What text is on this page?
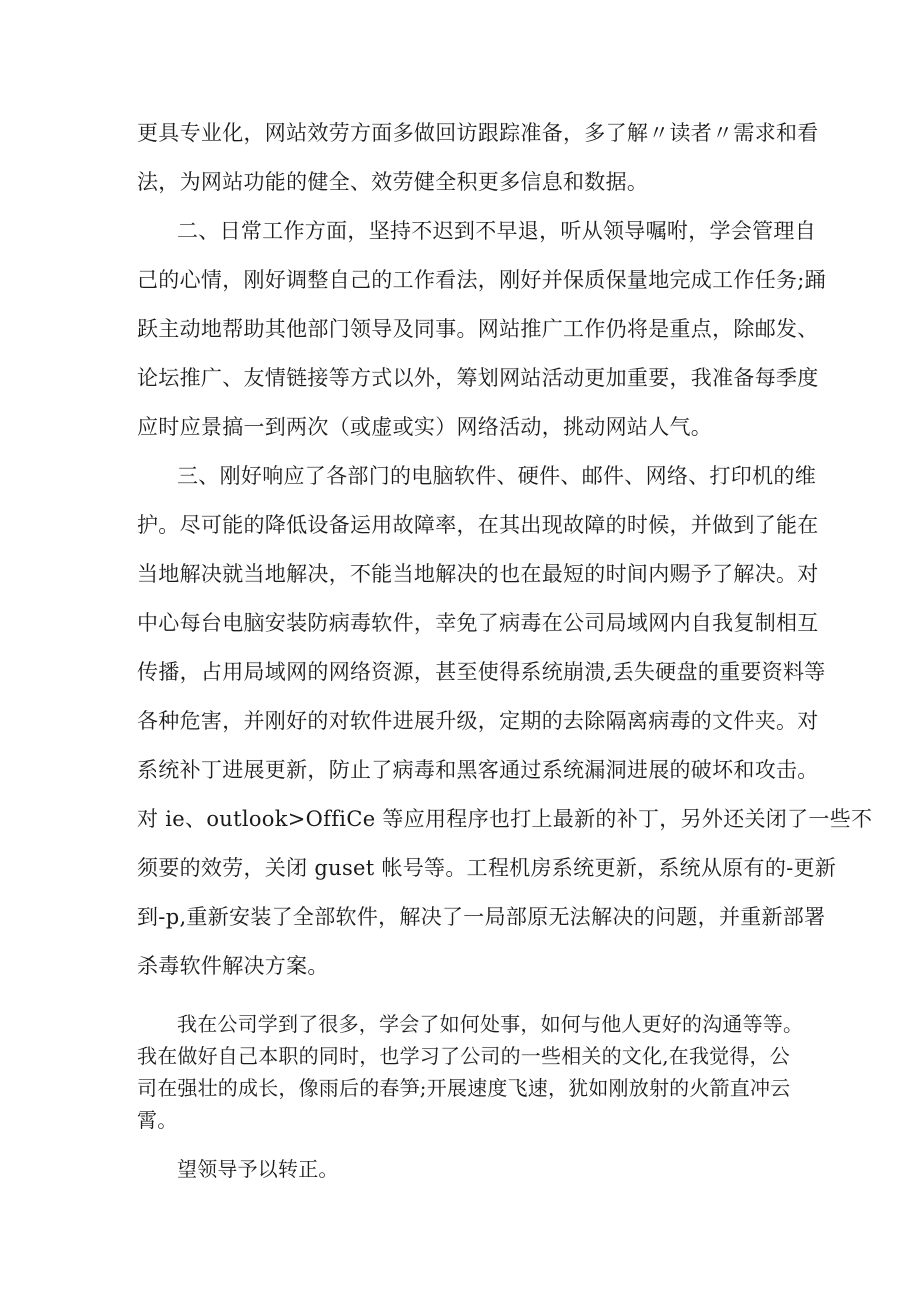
更具专业化，网站效劳方面多做回访跟踪准备，多了解〃读者〃需求和看
法，为网站功能的健全、效劳健全积更多信息和数据。
二、日常工作方面，坚持不迟到不早退，听从领导嘱咐，学会管理自
己的心情，刚好调整自己的工作看法，刚好并保质保量地完成工作任务;踊
跃主动地帮助其他部门领导及同事。网站推广工作仍将是重点，除邮发、
论坛推广、友情链接等方式以外，筹划网站活动更加重要，我准备每季度
应时应景搞一到两次（或虚或实）网络活动，挑动网站人气。
三、刚好响应了各部门的电脑软件、硬件、邮件、网络、打印机的维
护。尽可能的降低设备运用故障率，在其出现故障的时候，并做到了能在
当地解决就当地解决，不能当地解决的也在最短的时间内赐予了解决。对
中心每台电脑安装防病毒软件，幸免了病毒在公司局域网内自我复制相互
传播，占用局域网的网络资源，甚至使得系统崩溃,丢失硬盘的重要资料等
各种危害，并刚好的对软件进展升级，定期的去除隔离病毒的文件夹。对
系统补丁进展更新，防止了病毒和黑客通过系统漏洞进展的破坏和攻击。
对 ie、outlook>OffiCe 等应用程序也打上最新的补丁，另外还关闭了一些不
须要的效劳，关闭 guset 帐号等。工程机房系统更新，系统从原有的-更新
到-p,重新安装了全部软件，解决了一局部原无法解决的问题，并重新部署
杀毒软件解决方案。
我在公司学到了很多，学会了如何处事，如何与他人更好的沟通等等。
我在做好自己本职的同时，也学习了公司的一些相关的文化,在我觉得，公
司在强壮的成长，像雨后的春笋;开展速度飞速，犹如刚放射的火箭直冲云
霄。
望领导予以转正。
